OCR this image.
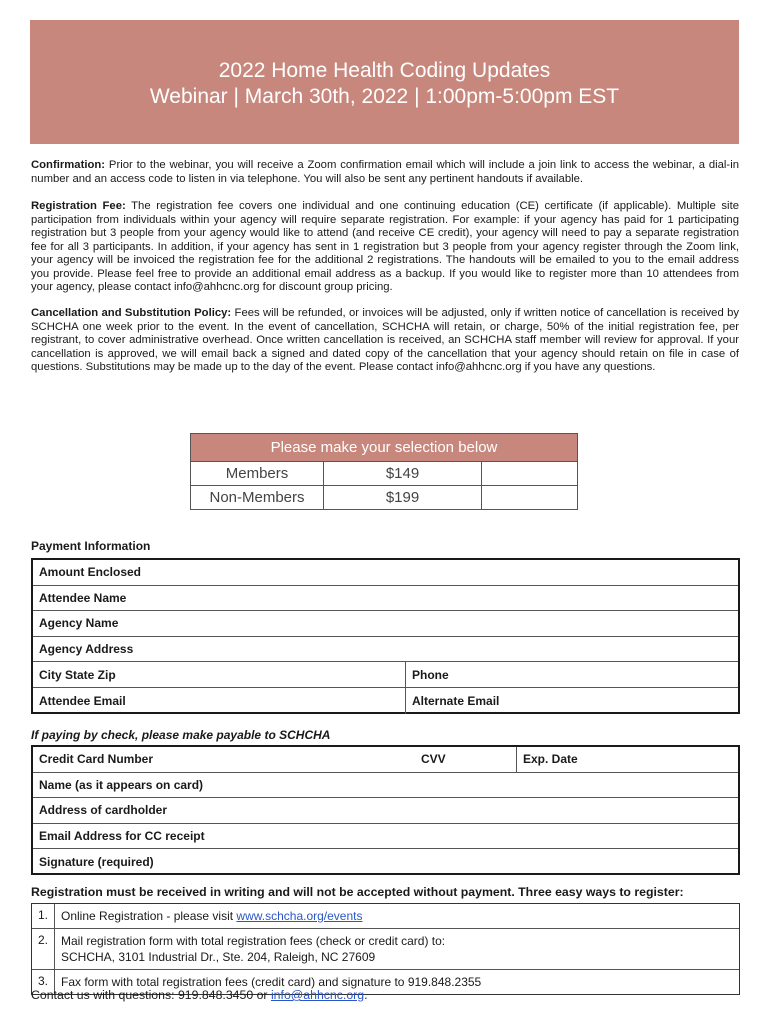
2022 Home Health Coding Updates
Webinar | March 30th, 2022 | 1:00pm-5:00pm EST
Confirmation: Prior to the webinar, you will receive a Zoom confirmation email which will include a join link to access the webinar, a dial-in number and an access code to listen in via telephone. You will also be sent any pertinent handouts if available.
Registration Fee: The registration fee covers one individual and one continuing education (CE) certificate (if applicable). Multiple site participation from individuals within your agency will require separate registration. For example: if your agency has paid for 1 participating registration but 3 people from your agency would like to attend (and receive CE credit), your agency will need to pay a separate registration fee for all 3 participants. In addition, if your agency has sent in 1 registration but 3 people from your agency register through the Zoom link, your agency will be invoiced the registration fee for the additional 2 registrations. The handouts will be emailed to you to the email address you provide. Please feel free to provide an additional email address as a backup. If you would like to register more than 10 attendees from your agency, please contact info@ahhcnc.org for discount group pricing.
Cancellation and Substitution Policy: Fees will be refunded, or invoices will be adjusted, only if written notice of cancellation is received by SCHCHA one week prior to the event. In the event of cancellation, SCHCHA will retain, or charge, 50% of the initial registration fee, per registrant, to cover administrative overhead. Once written cancellation is received, an SCHCHA staff member will review for approval. If your cancellation is approved, we will email back a signed and dated copy of the cancellation that your agency should retain on file in case of questions. Substitutions may be made up to the day of the event. Please contact info@ahhcnc.org if you have any questions.
Please make your selection below		
Members	$149	
Non-Members	$199	
Payment Information
Amount Enclosed
Attendee Name
Agency Name
Agency Address
City State Zip	Phone
Attendee Email	Alternate Email
If paying by check, please make payable to SCHCHA
Credit Card Number	CVV	Exp. Date
Name (as it appears on card)
Address of cardholder
Email Address for CC receipt
Signature (required)
Registration must be received in writing and will not be accepted without payment. Three easy ways to register:
1.	Online Registration - please visit www.schcha.org/events
2.	Mail registration form with total registration fees (check or credit card) to:
SCHCHA, 3101 Industrial Dr., Ste. 204, Raleigh, NC 27609
3.	Fax form with total registration fees (credit card) and signature to 919.848.2355
Contact us with questions: 919.848.3450 or info@ahhcnc.org.
